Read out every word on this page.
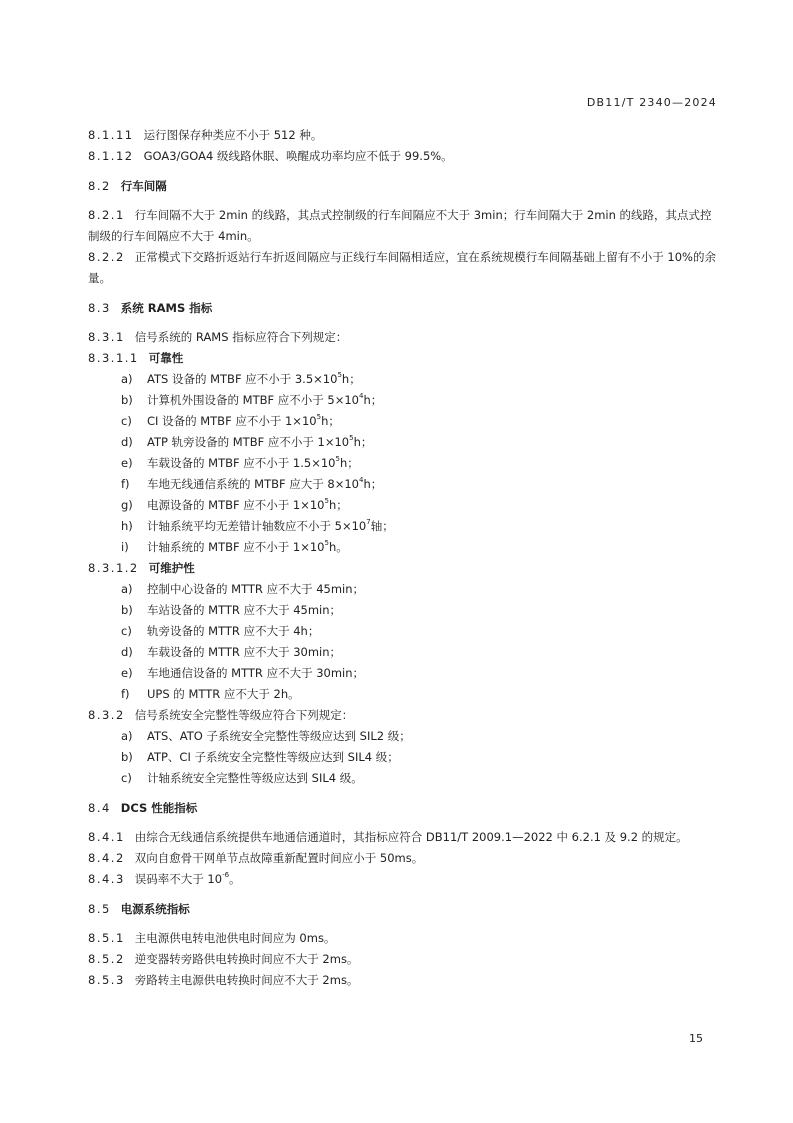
DB11/T 2340—2024

8.1.11 运行图保存种类应不小于 512 种。

8.1.12 GOA3/GOA4 级线路休眠、唤醒成功率均应不低于 99.5%。

8.2 行车间隔

8.2.1 行车间隔不大于 2min 的线路，其点式控制级的行车间隔应不大于 3min；行车间隔大于 2min 的线路，其点式控制级的行车间隔应不大于 4min。

8.2.2 正常模式下交路折返站行车折返间隔应与正线行车间隔相适应，宜在系统规模行车间隔基础上留有不小于 10%的余量。

8.3 系统 RAMS 指标

8.3.1 信号系统的 RAMS 指标应符合下列规定：

8.3.1.1 可靠性

a) ATS 设备的 MTBF 应不小于 $3.5\times 10^5h$；

b) 计算机外围设备的 MTBF 应不小于 $5\times 10^4h$；

c) CI 设备的 MTBF 应不小于 $1\times 10^5h$；

d) ATP 轨旁设备的 MTBF 应不小于 $1\times 10^5h$；

e) 车载设备的 MTBF 应不小于 $1.5\times 10^5h$；

f) 车地无线通信系统的 MTBF 应大于 $8\times 10^4h$；

g) 电源设备的 MTBF 应不小于 $1\times 10^5h$；

h) 计轴系统平均无差错计轴数应不小于 $5\times 10^7$轴；

i) 计轴系统的 MTBF 应不小于 $1\times 10^5h$。

8.3.1.2 可维护性

a) 控制中心设备的 MTTR 应不大于 45min；

b) 车站设备的 MTTR 应不大于 45min；

c) 轨旁设备的 MTTR 应不大于 4h；

d) 车载设备的 MTTR 应不大于 30min；

e) 车地通信设备的 MTTR 应不大于 30min；

f) UPS 的 MTTR 应不大于 2h。

8.3.2 信号系统安全完整性等级应符合下列规定：

a) ATS、ATO 子系统安全完整性等级应达到 SIL2 级；

b) ATP、CI 子系统安全完整性等级应达到 SIL4 级；

c) 计轴系统安全完整性等级应达到 SIL4 级。

8.4 DCS 性能指标

8.4.1 由综合无线通信系统提供车地通信通道时，其指标应符合 DB11/T 2009.1—2022 中 6.2.1 及 9.2 的规定。

8.4.2 双向自愈骨干网单节点故障重新配置时间应小于 50ms。

8.4.3 误码率不大于 $10^{-6}$。

8.5 电源系统指标

8.5.1 主电源供电转电池供电时间应为 0ms。

8.5.2 逆变器转旁路供电转换时间应不大于 2ms。

8.5.3 旁路转主电源供电转换时间应不大于 2ms。

15
